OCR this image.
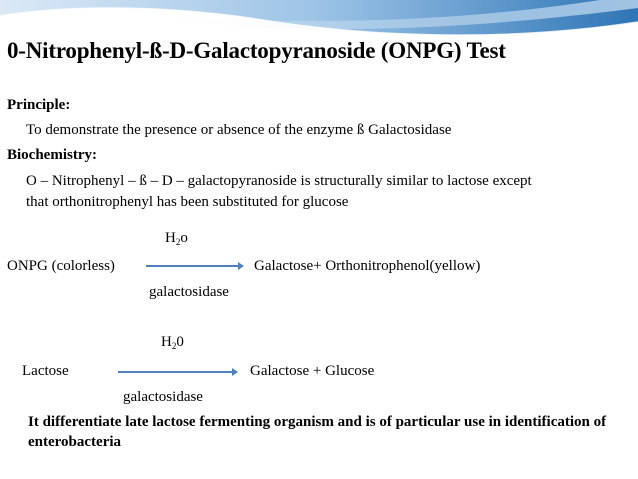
0-Nitrophenyl-ß-D-Galactopyranoside (ONPG) Test
Principle:
To demonstrate the presence or absence of the enzyme ß Galactosidase
Biochemistry:
O – Nitrophenyl – ß – D – galactopyranoside is structurally similar to lactose except
that orthonitrophenyl has been substituted for glucose
$H_2o$
ONPG (colorless)	Galactose+ Orthonitrophenol(yellow)
galactosidase
$H_20$
Lactose	Galactose + Glucose
galactosidase
It differentiate late lactose fermenting organism and is of particular use in identification of enterobacteria
